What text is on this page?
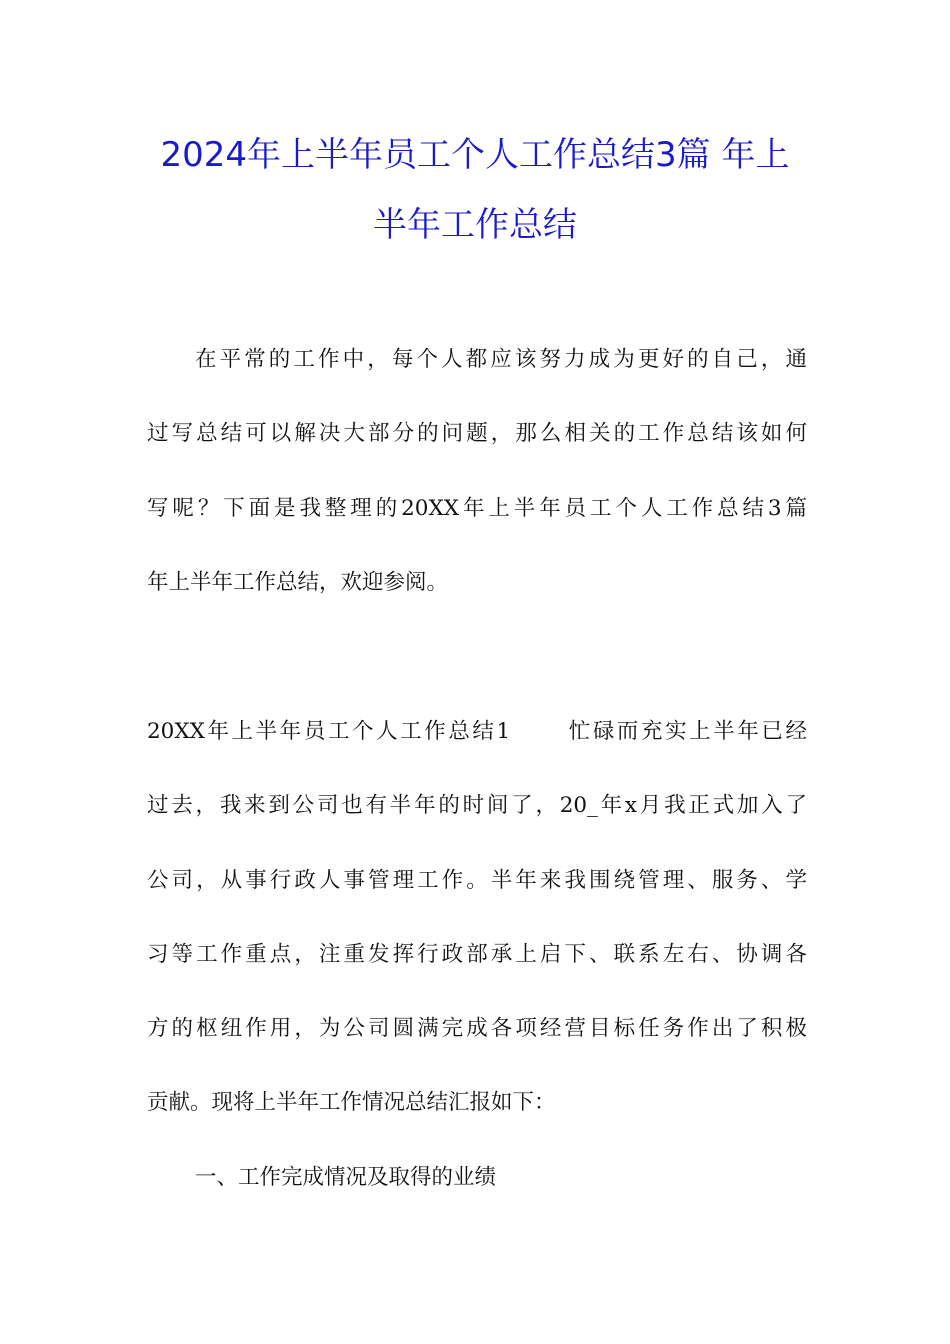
2024年上半年员工个人工作总结3篇 年上
半年工作总结
在平常的工作中，每个人都应该努力成为更好的自己，通
过写总结可以解决大部分的问题，那么相关的工作总结该如何
写呢？下面是我整理的20XX年上半年员工个人工作总结3篇
年上半年工作总结，欢迎参阅。
20XX年上半年员工个人工作总结1	忙碌而充实上半年已经
过去，我来到公司也有半年的时间了，20_年x月我正式加入了
公司，从事行政人事管理工作。半年来我围绕管理、服务、学
习等工作重点，注重发挥行政部承上启下、联系左右、协调各
方的枢纽作用，为公司圆满完成各项经营目标任务作出了积极
贡献。现将上半年工作情况总结汇报如下：
一、工作完成情况及取得的业绩
